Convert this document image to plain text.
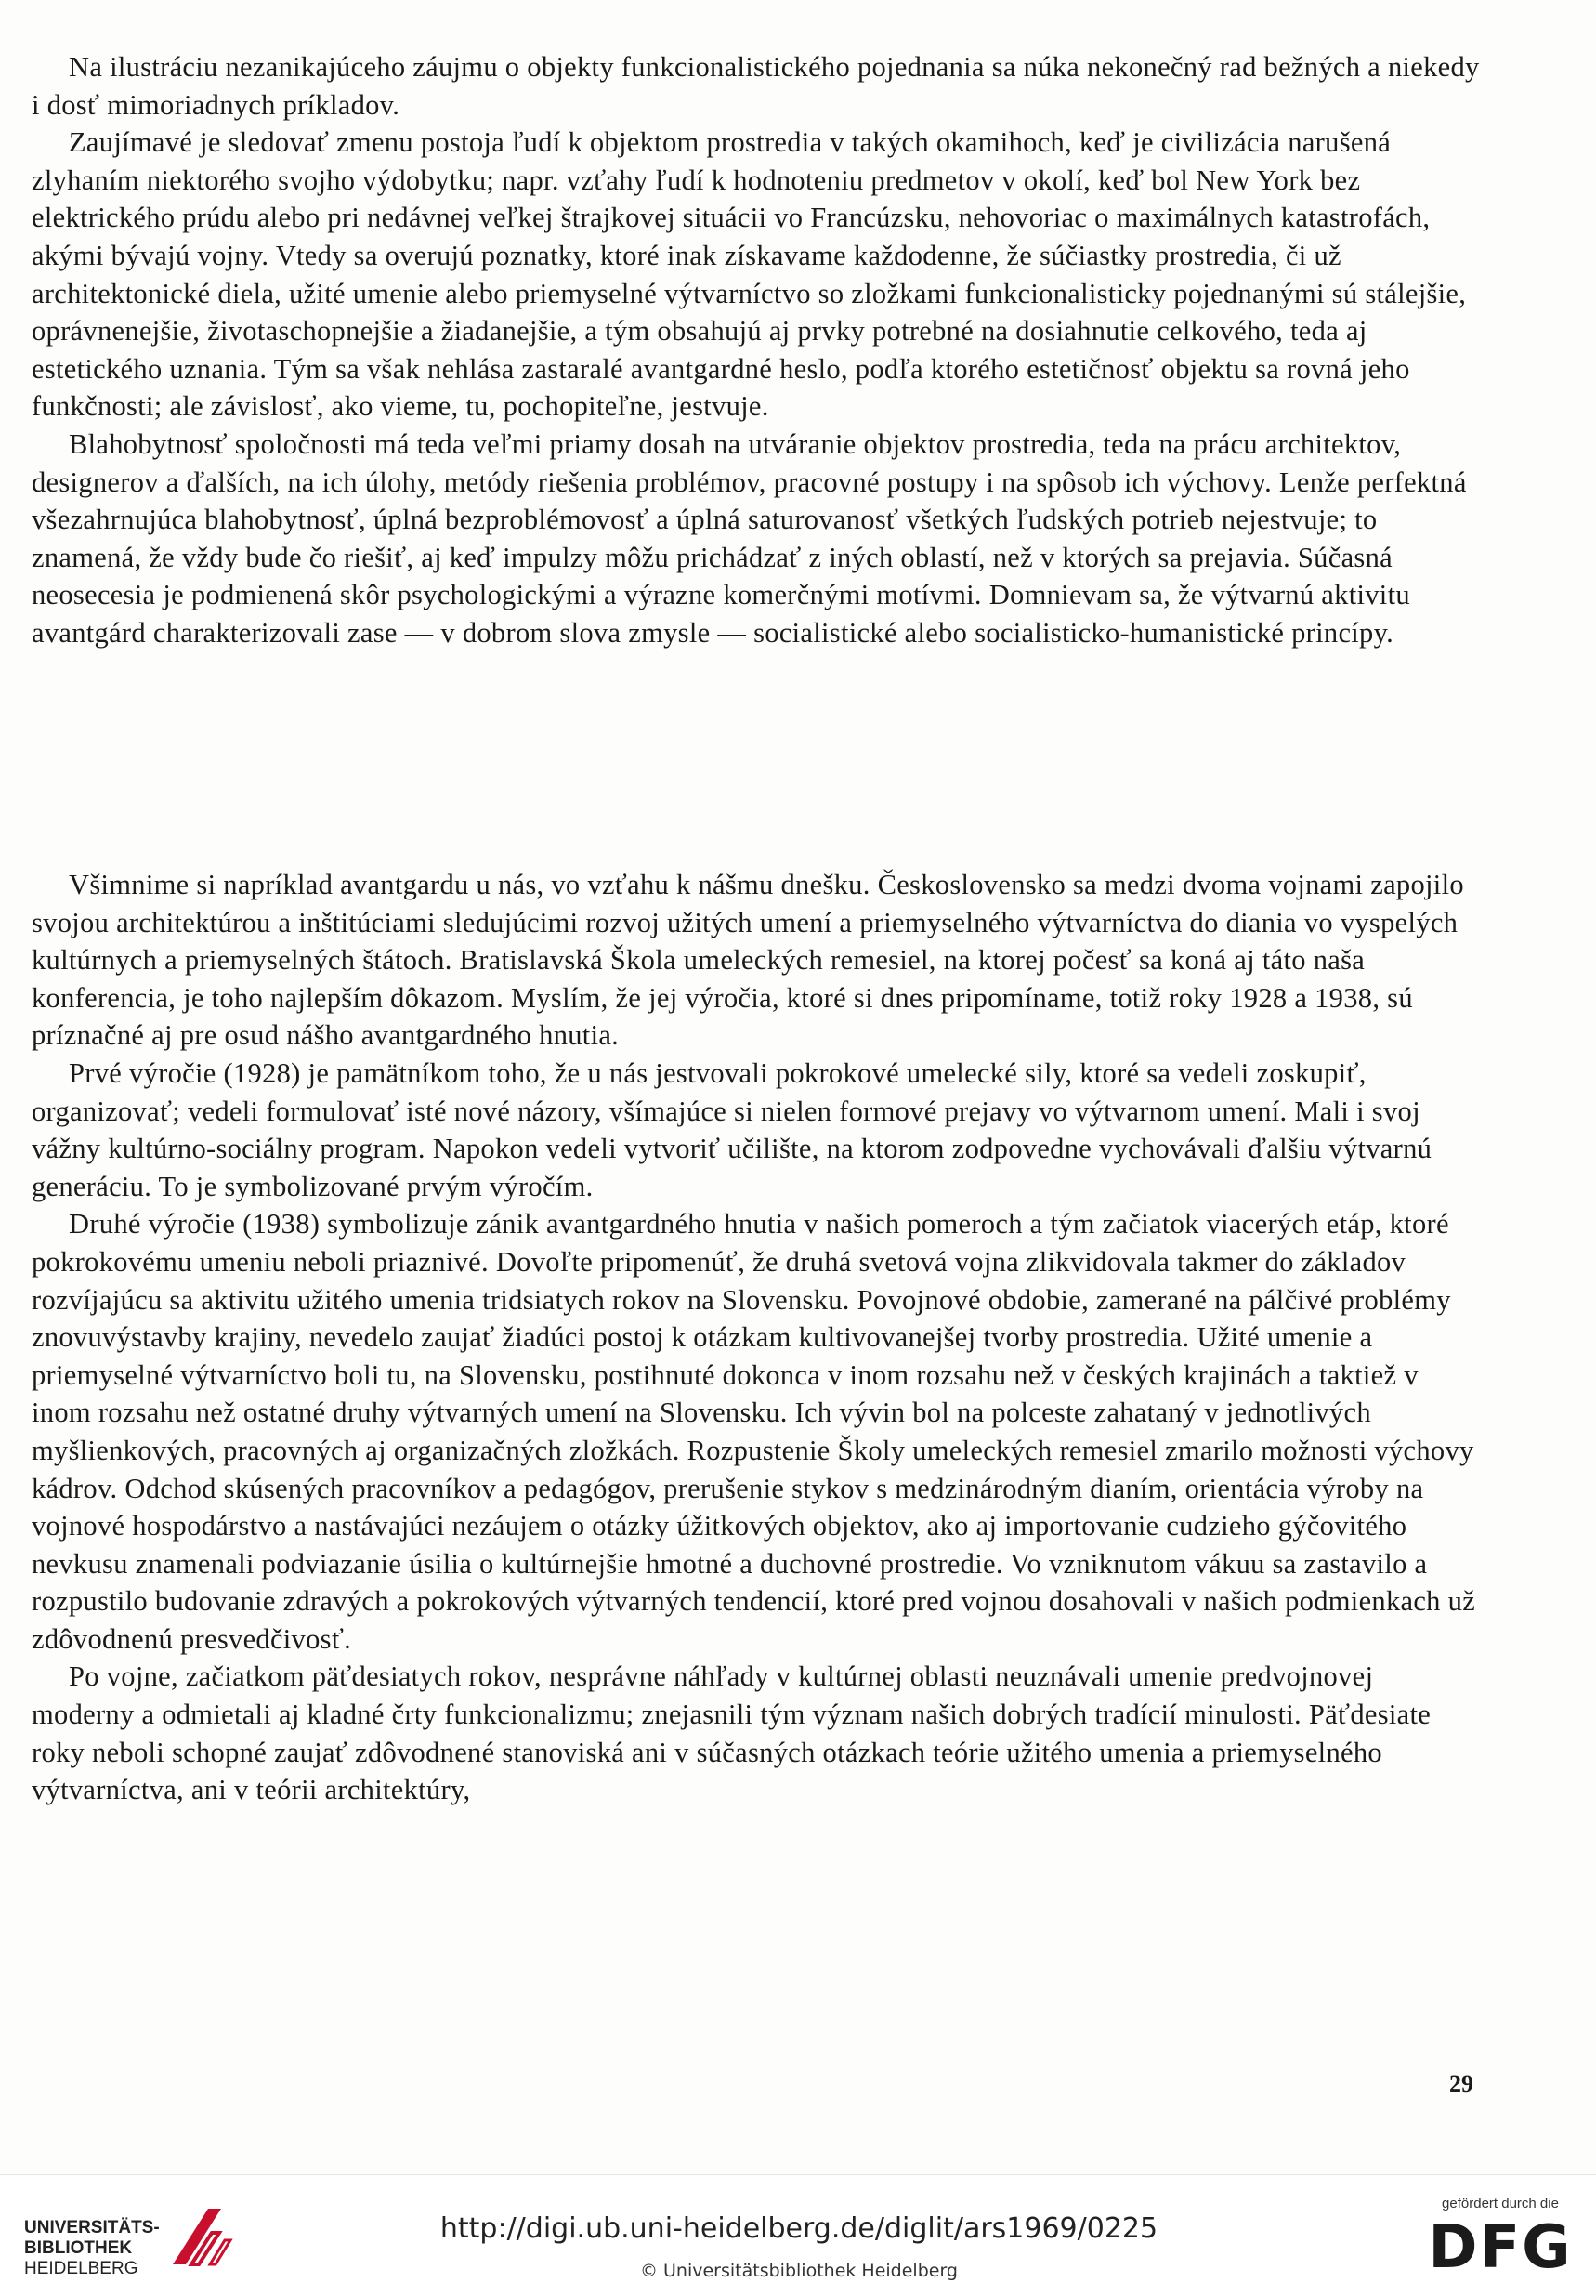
Na ilustráciu nezanikajúceho záujmu o objekty funkcionalistického pojednania sa núka nekonečný rad bežných a niekedy i dosť mimoriadnych príkladov.

Zaujímavé je sledovať zmenu postoja ľudí k objektom prostredia v takých okamihoch, keď je civilizácia narušená zlyhaním niektorého svojho výdobytku; napr. vzťahy ľudí k hodnoteniu predmetov v okolí, keď bol New York bez elektrického prúdu alebo pri nedávnej veľkej štrajkovej situácii vo Francúzsku, nehovoriac o maximálnych katastrofách, akými bývajú vojny. Vtedy sa overujú poznatky, ktoré inak získavame každodenne, že súčiastky prostredia, či už architektonické diela, užité umenie alebo priemyselné výtvarníctvo so zložkami funkcionalisticky pojednanými sú stálejšie, oprávnenejšie, životaschopnejšie a žiadanejšie, a tým obsahujú aj prvky potrebné na dosiahnutie celkového, teda aj estetického uznania. Tým sa však nehlása zastaralé avantgardné heslo, podľa ktorého estetičnosť objektu sa rovná jeho funkčnosti; ale závislosť, ako vieme, tu, pochopiteľne, jestvuje.

Blahobytnosť spoločnosti má teda veľmi priamy dosah na utváranie objektov prostredia, teda na prácu architektov, designerov a ďalších, na ich úlohy, metódy riešenia problémov, pracovné postupy i na spôsob ich výchovy. Lenže perfektná všezahrnujúca blahobytnosť, úplná bezproblémovosť a úplná saturovanosť všetkých ľudských potrieb nejestvuje; to znamená, že vždy bude čo riešiť, aj keď impulzy môžu prichádzať z iných oblastí, než v ktorých sa prejavia. Súčasná neosecesia je podmienená skôr psychologickými a výrazne komerčnými motívmi. Domnievam sa, že výtvarnú aktivitu avantgárd charakterizovali zase — v dobrom slova zmysle — socialistické alebo socialisticko-humanistické princípy.

Všimnime si napríklad avantgardu u nás, vo vzťahu k nášmu dnešku. Československo sa medzi dvoma vojnami zapojilo svojou architektúrou a inštitúciami sledujúcimi rozvoj užitých umení a priemyselného výtvarníctva do diania vo vyspelých kultúrnych a priemyselných štátoch. Bratislavská Škola umeleckých remesiel, na ktorej počesť sa koná aj táto naša konferencia, je toho najlepším dôkazom. Myslím, že jej výročia, ktoré si dnes pripomíname, totiž roky 1928 a 1938, sú príznačné aj pre osud nášho avantgardného hnutia.

Prvé výročie (1928) je pamätníkom toho, že u nás jestvovali pokrokové umelecké sily, ktoré sa vedeli zoskupiť, organizovať; vedeli formulovať isté nové názory, všímajúce si nielen formové prejavy vo výtvarnom umení. Mali i svoj vážny kultúrno-sociálny program. Napokon vedeli vytvoriť učilište, na ktorom zodpovedne vychovávali ďalšiu výtvarnú generáciu. To je symbolizované prvým výročím.

Druhé výročie (1938) symbolizuje zánik avantgardného hnutia v našich pomeroch a tým začiatok viacerých etáp, ktoré pokrokovému umeniu neboli priaznivé. Dovoľte pripomenúť, že druhá svetová vojna zlikvidovala takmer do základov rozvíjajúcu sa aktivitu užitého umenia tridsiatych rokov na Slovensku. Povojnové obdobie, zamerané na pálčivé problémy znovuvýstavby krajiny, nevedelo zaujať žiadúci postoj k otázkam kultivovanejšej tvorby prostredia. Užité umenie a priemyselné výtvarníctvo boli tu, na Slovensku, postihnuté dokonca v inom rozsahu než v českých krajinách a taktiež v inom rozsahu než ostatné druhy výtvarných umení na Slovensku. Ich vývin bol na polceste zahataný v jednotlivých myšlienkových, pracovných aj organizačných zložkách. Rozpustenie Školy umeleckých remesiel zmarilo možnosti výchovy kádrov. Odchod skúsených pracovníkov a pedagógov, prerušenie stykov s medzinárodným dianím, orientácia výroby na vojnové hospodárstvo a nastávajúci nezáujem o otázky úžitkových objektov, ako aj importovanie cudzieho gýčovitého nevkusu znamenali podviazanie úsilia o kultúrnejšie hmotné a duchovné prostredie. Vo vzniknutom vákuu sa zastavilo a rozpustilo budovanie zdravých a pokrokových výtvarných tendencií, ktoré pred vojnou dosahovali v našich podmienkach už zdôvodnenú presvedčivosť.

Po vojne, začiatkom päťdesiatych rokov, nesprávne náhľady v kultúrnej oblasti neuznávali umenie predvojnovej moderny a odmietali aj kladné črty funkcionalizmu; znejasnili tým význam našich dobrých tradícií minulosti. Päťdesiate roky neboli schopné zaujať zdôvodnené stanoviská ani v súčasných otázkach teórie užitého umenia a priemyselného výtvarníctva, ani v teórii architektúry,

29
UNIVERSITÄTS-
BIBLIOTHEK
HEIDELBERG
http://digi.ub.uni-heidelberg.de/diglit/ars1969/0225
© Universitätsbibliothek Heidelberg
gefördert durch die
DFG
